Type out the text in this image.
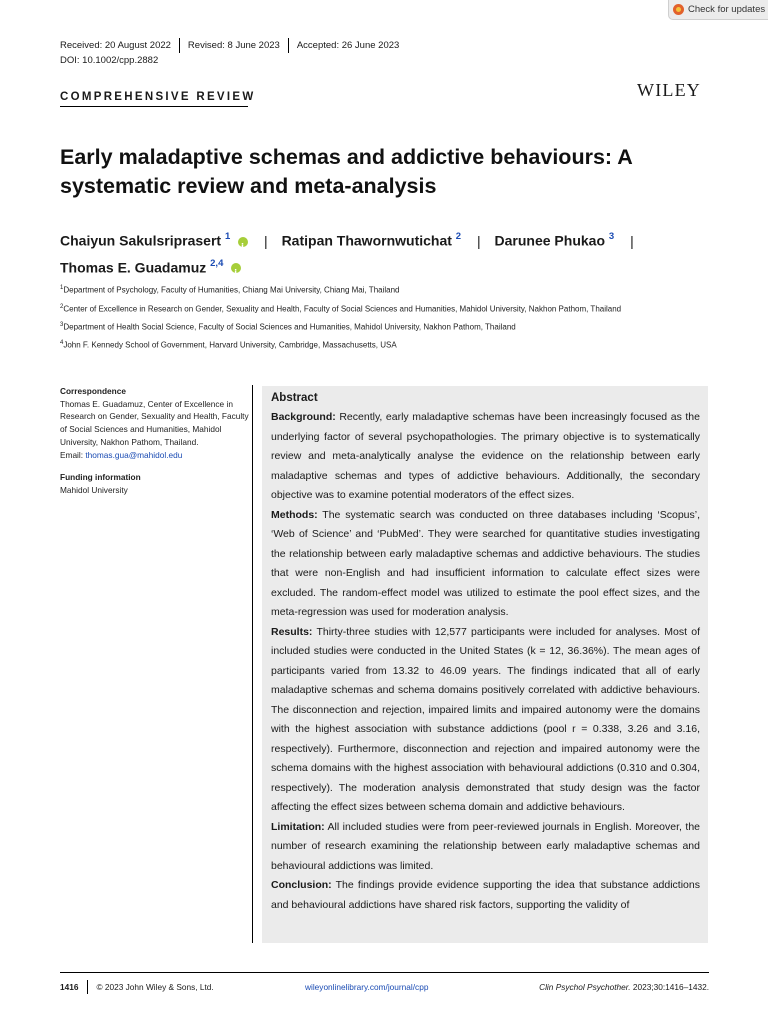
Check for updates
Received: 20 August 2022 Revised: 8 June 2023 Accepted: 26 June 2023
DOI: 10.1002/cpp.2882
COMPREHENSIVE REVIEW	WILEY
Early maladaptive schemas and addictive behaviours: A systematic review and meta-analysis
Chaiyun Sakulsriprasert $^1$ i | Ratipan Thawornwutichat $^2$ | Darunee Phukao $^3$ |
Thomas E. Guadamuz $^{2,4}$ i
$^1$Department of Psychology, Faculty of Humanities, Chiang Mai University, Chiang Mai, Thailand
$^2$Center of Excellence in Research on Gender, Sexuality and Health, Faculty of Social Sciences and Humanities, Mahidol University, Nakhon Pathom, Thailand
$^3$Department of Health Social Science, Faculty of Social Sciences and Humanities, Mahidol University, Nakhon Pathom, Thailand
$^4$John F. Kennedy School of Government, Harvard University, Cambridge, Massachusetts, USA
Correspondence
Thomas E. Guadamuz, Center of Excellence in Research on Gender, Sexuality and Health, Faculty of Social Sciences and Humanities, Mahidol University, Nakhon Pathom, Thailand.
Email: thomas.gua@mahidol.edu
Funding information
Mahidol University
Abstract

Background: Recently, early maladaptive schemas have been increasingly focused as the underlying factor of several psychopathologies. The primary objective is to systematically review and meta-analytically analyse the evidence on the relationship between early maladaptive schemas and types of addictive behaviours. Additionally, the secondary objective was to examine potential moderators of the effect sizes.

Methods: The systematic search was conducted on three databases including ‘Scopus’, ‘Web of Science’ and ‘PubMed’. They were searched for quantitative studies investigating the relationship between early maladaptive schemas and addictive behaviours. The studies that were non-English and had insufficient information to calculate effect sizes were excluded. The random-effect model was utilized to estimate the pool effect sizes, and the meta-regression was used for moderation analysis.

Results: Thirty-three studies with 12,577 participants were included for analyses. Most of included studies were conducted in the United States (k = 12, 36.36%). The mean ages of participants varied from 13.32 to 46.09 years. The findings indicated that all of early maladaptive schemas and schema domains positively correlated with addictive behaviours. The disconnection and rejection, impaired limits and impaired autonomy were the domains with the highest association with substance addictions (pool r = 0.338, 3.26 and 3.16, respectively). Furthermore, disconnection and rejection and impaired autonomy were the schema domains with the highest association with behavioural addictions (0.310 and 0.304, respectively). The moderation analysis demonstrated that study design was the factor affecting the effect sizes between schema domain and addictive behaviours.

Limitation: All included studies were from peer-reviewed journals in English. Moreover, the number of research examining the relationship between early maladaptive schemas and behavioural addictions was limited.

Conclusion: The findings provide evidence supporting the idea that substance addictions and behavioural addictions have shared risk factors, supporting the validity of

1416 © 2023 John Wiley & Sons, Ltd.	wileyonlinelibrary.com/journal/cpp	Clin Psychol Psychother. 2023;30:1416–1432.
